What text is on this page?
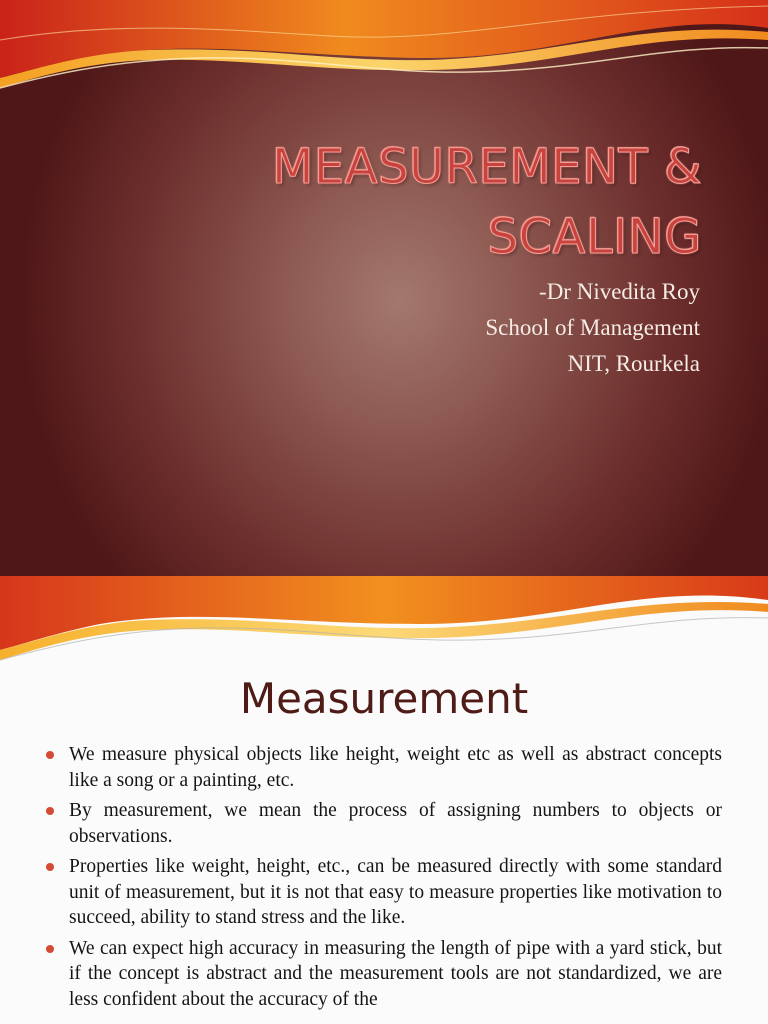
MEASUREMENT &
SCALING
-Dr Nivedita Roy
School of Management
NIT, Rourkela
Measurement
We measure physical objects like height, weight etc as well as abstract concepts like a song or a painting, etc.
By measurement, we mean the process of assigning numbers to objects or observations.
Properties like weight, height, etc., can be measured directly with some standard unit of measurement, but it is not that easy to measure properties like motivation to succeed, ability to stand stress and the like.
We can expect high accuracy in measuring the length of pipe with a yard stick, but if the concept is abstract and the measurement tools are not standardized, we are less confident about the accuracy of the
